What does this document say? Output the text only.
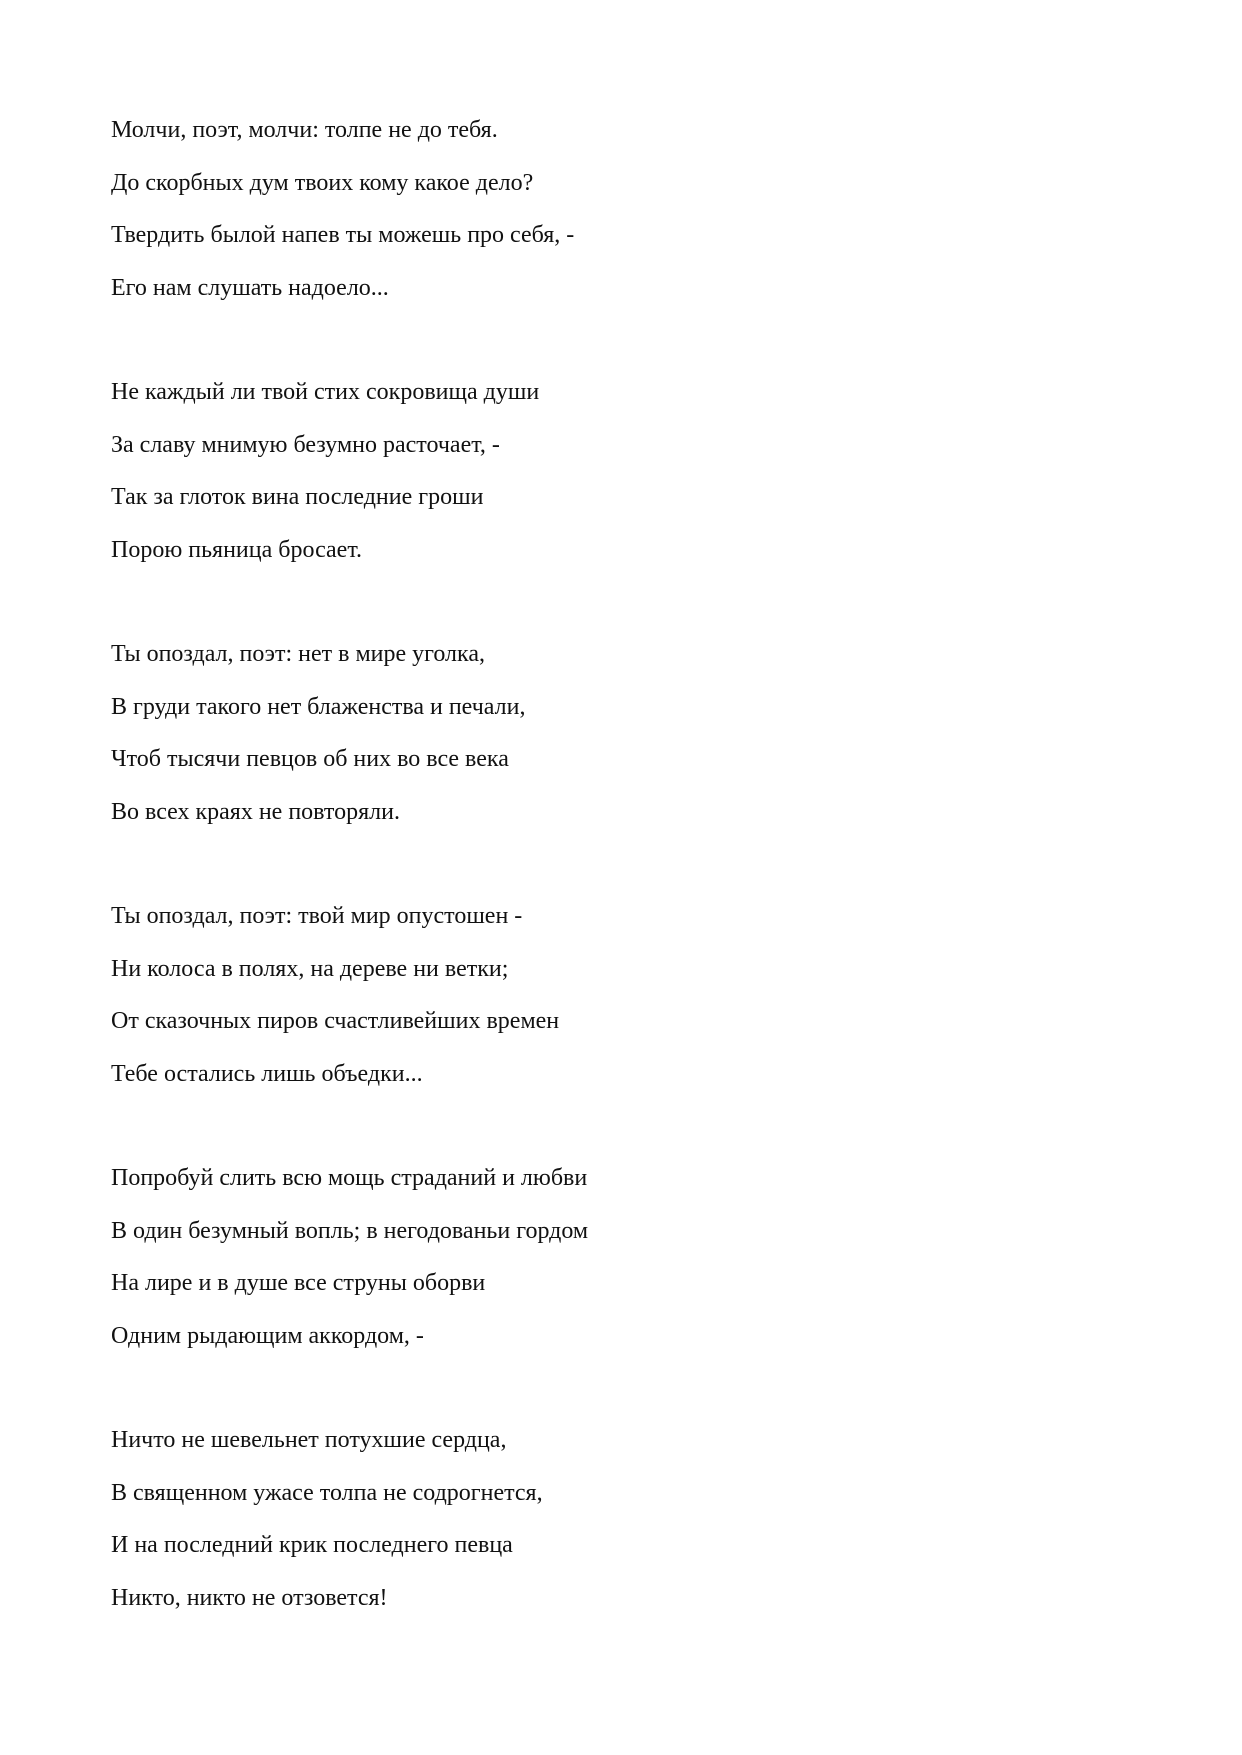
Молчи, поэт, молчи: толпе не до тебя.
До скорбных дум твоих кому какое дело?
Твердить былой напев ты можешь про себя, -
Его нам слушать надоело...
Не каждый ли твой стих сокровища души
За славу мнимую безумно расточает, -
Так за глоток вина последние гроши
Порою пьяница бросает.
Ты опоздал, поэт: нет в мире уголка,
В груди такого нет блаженства и печали,
Чтоб тысячи певцов об них во все века
Во всех краях не повторяли.
Ты опоздал, поэт: твой мир опустошен -
Ни колоса в полях, на дереве ни ветки;
От сказочных пиров счастливейших времен
Тебе остались лишь объедки...
Попробуй слить всю мощь страданий и любви
В один безумный вопль; в негодованьи гордом
На лире и в душе все струны оборви
Одним рыдающим аккордом, -
Ничто не шевельнет потухшие сердца,
В священном ужасе толпа не содрогнется,
И на последний крик последнего певца
Никто, никто не отзовется!
